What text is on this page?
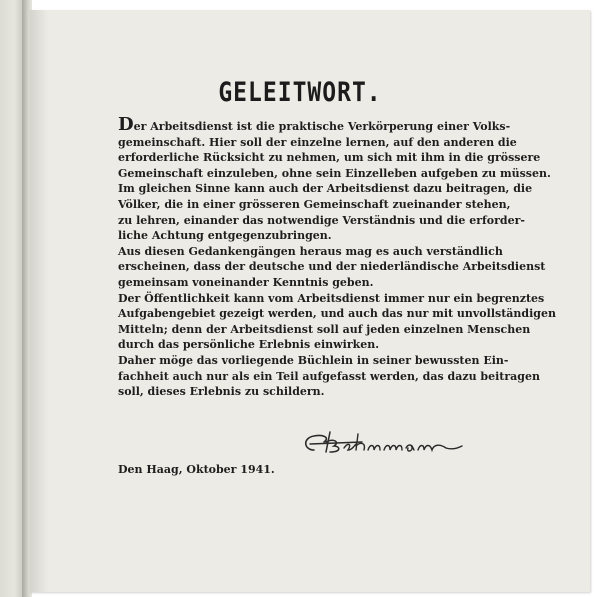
GELEITWORT.
Der Arbeitsdienst ist die praktische Verkörperung einer Volks-
gemeinschaft. Hier soll der einzelne lernen, auf den anderen die
erforderliche Rücksicht zu nehmen, um sich mit ihm in die grössere
Gemeinschaft einzuleben, ohne sein Einzelleben aufgeben zu müssen.
Im gleichen Sinne kann auch der Arbeitsdienst dazu beitragen, die
Völker, die in einer grösseren Gemeinschaft zueinander stehen,
zu lehren, einander das notwendige Verständnis und die erforder-
liche Achtung entgegenzubringen.
Aus diesen Gedankengängen heraus mag es auch verständlich
erscheinen, dass der deutsche und der niederländische Arbeitsdienst
gemeinsam voneinander Kenntnis geben.
Der Öffentlichkeit kann vom Arbeitsdienst immer nur ein begrenztes
Aufgabengebiet gezeigt werden, und auch das nur mit unvollständigen
Mitteln; denn der Arbeitsdienst soll auf jeden einzelnen Menschen
durch das persönliche Erlebnis einwirken.
Daher möge das vorliegende Büchlein in seiner bewussten Ein-
fachheit auch nur als ein Teil aufgefasst werden, das dazu beitragen
soll, dieses Erlebnis zu schildern.
Den Haag, Oktober 1941.
